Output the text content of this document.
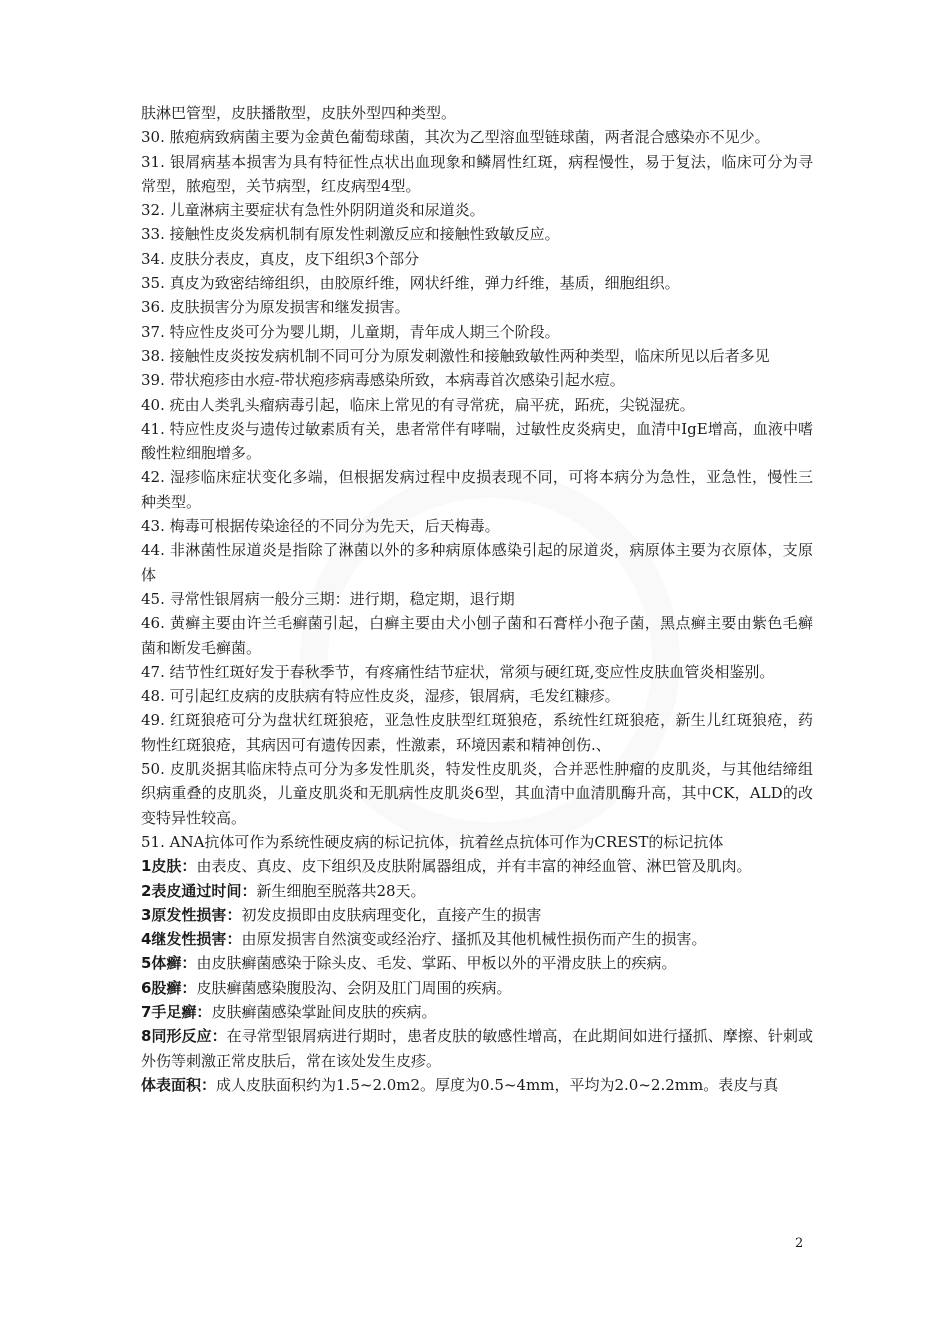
肤淋巴管型，皮肤播散型，皮肤外型四种类型。

30. 脓疱病致病菌主要为金黄色葡萄球菌，其次为乙型溶血型链球菌，两者混合感染亦不见少。

31. 银屑病基本损害为具有特征性点状出血现象和鳞屑性红斑，病程慢性，易于复法，临床可分为寻常型，脓疱型，关节病型，红皮病型4型。

32. 儿童淋病主要症状有急性外阴阴道炎和尿道炎。

33. 接触性皮炎发病机制有原发性刺激反应和接触性致敏反应。

34. 皮肤分表皮，真皮，皮下组织3个部分

35. 真皮为致密结缔组织，由胶原纤维，网状纤维，弹力纤维，基质，细胞组织。

36. 皮肤损害分为原发损害和继发损害。

37. 特应性皮炎可分为婴儿期，儿童期，青年成人期三个阶段。

38. 接触性皮炎按发病机制不同可分为原发刺激性和接触致敏性两种类型，临床所见以后者多见

39. 带状疱疹由水痘-带状疱疹病毒感染所致，本病毒首次感染引起水痘。

40. 疣由人类乳头瘤病毒引起，临床上常见的有寻常疣，扁平疣，跖疣，尖锐湿疣。

41. 特应性皮炎与遗传过敏素质有关，患者常伴有哮喘，过敏性皮炎病史，血清中IgE增高，血液中嗜酸性粒细胞增多。

42. 湿疹临床症状变化多端，但根据发病过程中皮损表现不同，可将本病分为急性，亚急性，慢性三种类型。

43. 梅毒可根据传染途径的不同分为先天，后天梅毒。

44. 非淋菌性尿道炎是指除了淋菌以外的多种病原体感染引起的尿道炎，病原体主要为衣原体，支原体

45. 寻常性银屑病一般分三期：进行期，稳定期，退行期

46. 黄癣主要由许兰毛癣菌引起，白癣主要由犬小刨子菌和石膏样小孢子菌，黑点癣主要由紫色毛癣菌和断发毛癣菌。

47. 结节性红斑好发于春秋季节，有疼痛性结节症状，常须与硬红斑,变应性皮肤血管炎相鉴别。

48. 可引起红皮病的皮肤病有特应性皮炎，湿疹，银屑病，毛发红糠疹。

49. 红斑狼疮可分为盘状红斑狼疮，亚急性皮肤型红斑狼疮，系统性红斑狼疮，新生儿红斑狼疮，药物性红斑狼疮，其病因可有遗传因素，性激素，环境因素和精神创伤.、

50. 皮肌炎据其临床特点可分为多发性肌炎，特发性皮肌炎，合并恶性肿瘤的皮肌炎，与其他结缔组织病重叠的皮肌炎，儿童皮肌炎和无肌病性皮肌炎6型，其血清中血清肌酶升高，其中CK，ALD的改变特异性较高。

51. ANA抗体可作为系统性硬皮病的标记抗体，抗着丝点抗体可作为CREST的标记抗体

1皮肤：由表皮、真皮、皮下组织及皮肤附属器组成，并有丰富的神经血管、淋巴管及肌肉。

2表皮通过时间：新生细胞至脱落共28天。

3原发性损害：初发皮损即由皮肤病理变化，直接产生的损害

4继发性损害：由原发损害自然演变或经治疗、搔抓及其他机械性损伤而产生的损害。

5体癣：由皮肤癣菌感染于除头皮、毛发、掌跖、甲板以外的平滑皮肤上的疾病。

6股癣：皮肤癣菌感染腹股沟、会阴及肛门周围的疾病。

7手足癣：皮肤癣菌感染掌趾间皮肤的疾病。

8同形反应：在寻常型银屑病进行期时，患者皮肤的敏感性增高，在此期间如进行搔抓、摩擦、针刺或外伤等刺激正常皮肤后，常在该处发生皮疹。

体表面积：成人皮肤面积约为1.5~2.0m2。厚度为0.5~4mm，平均为2.0~2.2mm。表皮与真

2
